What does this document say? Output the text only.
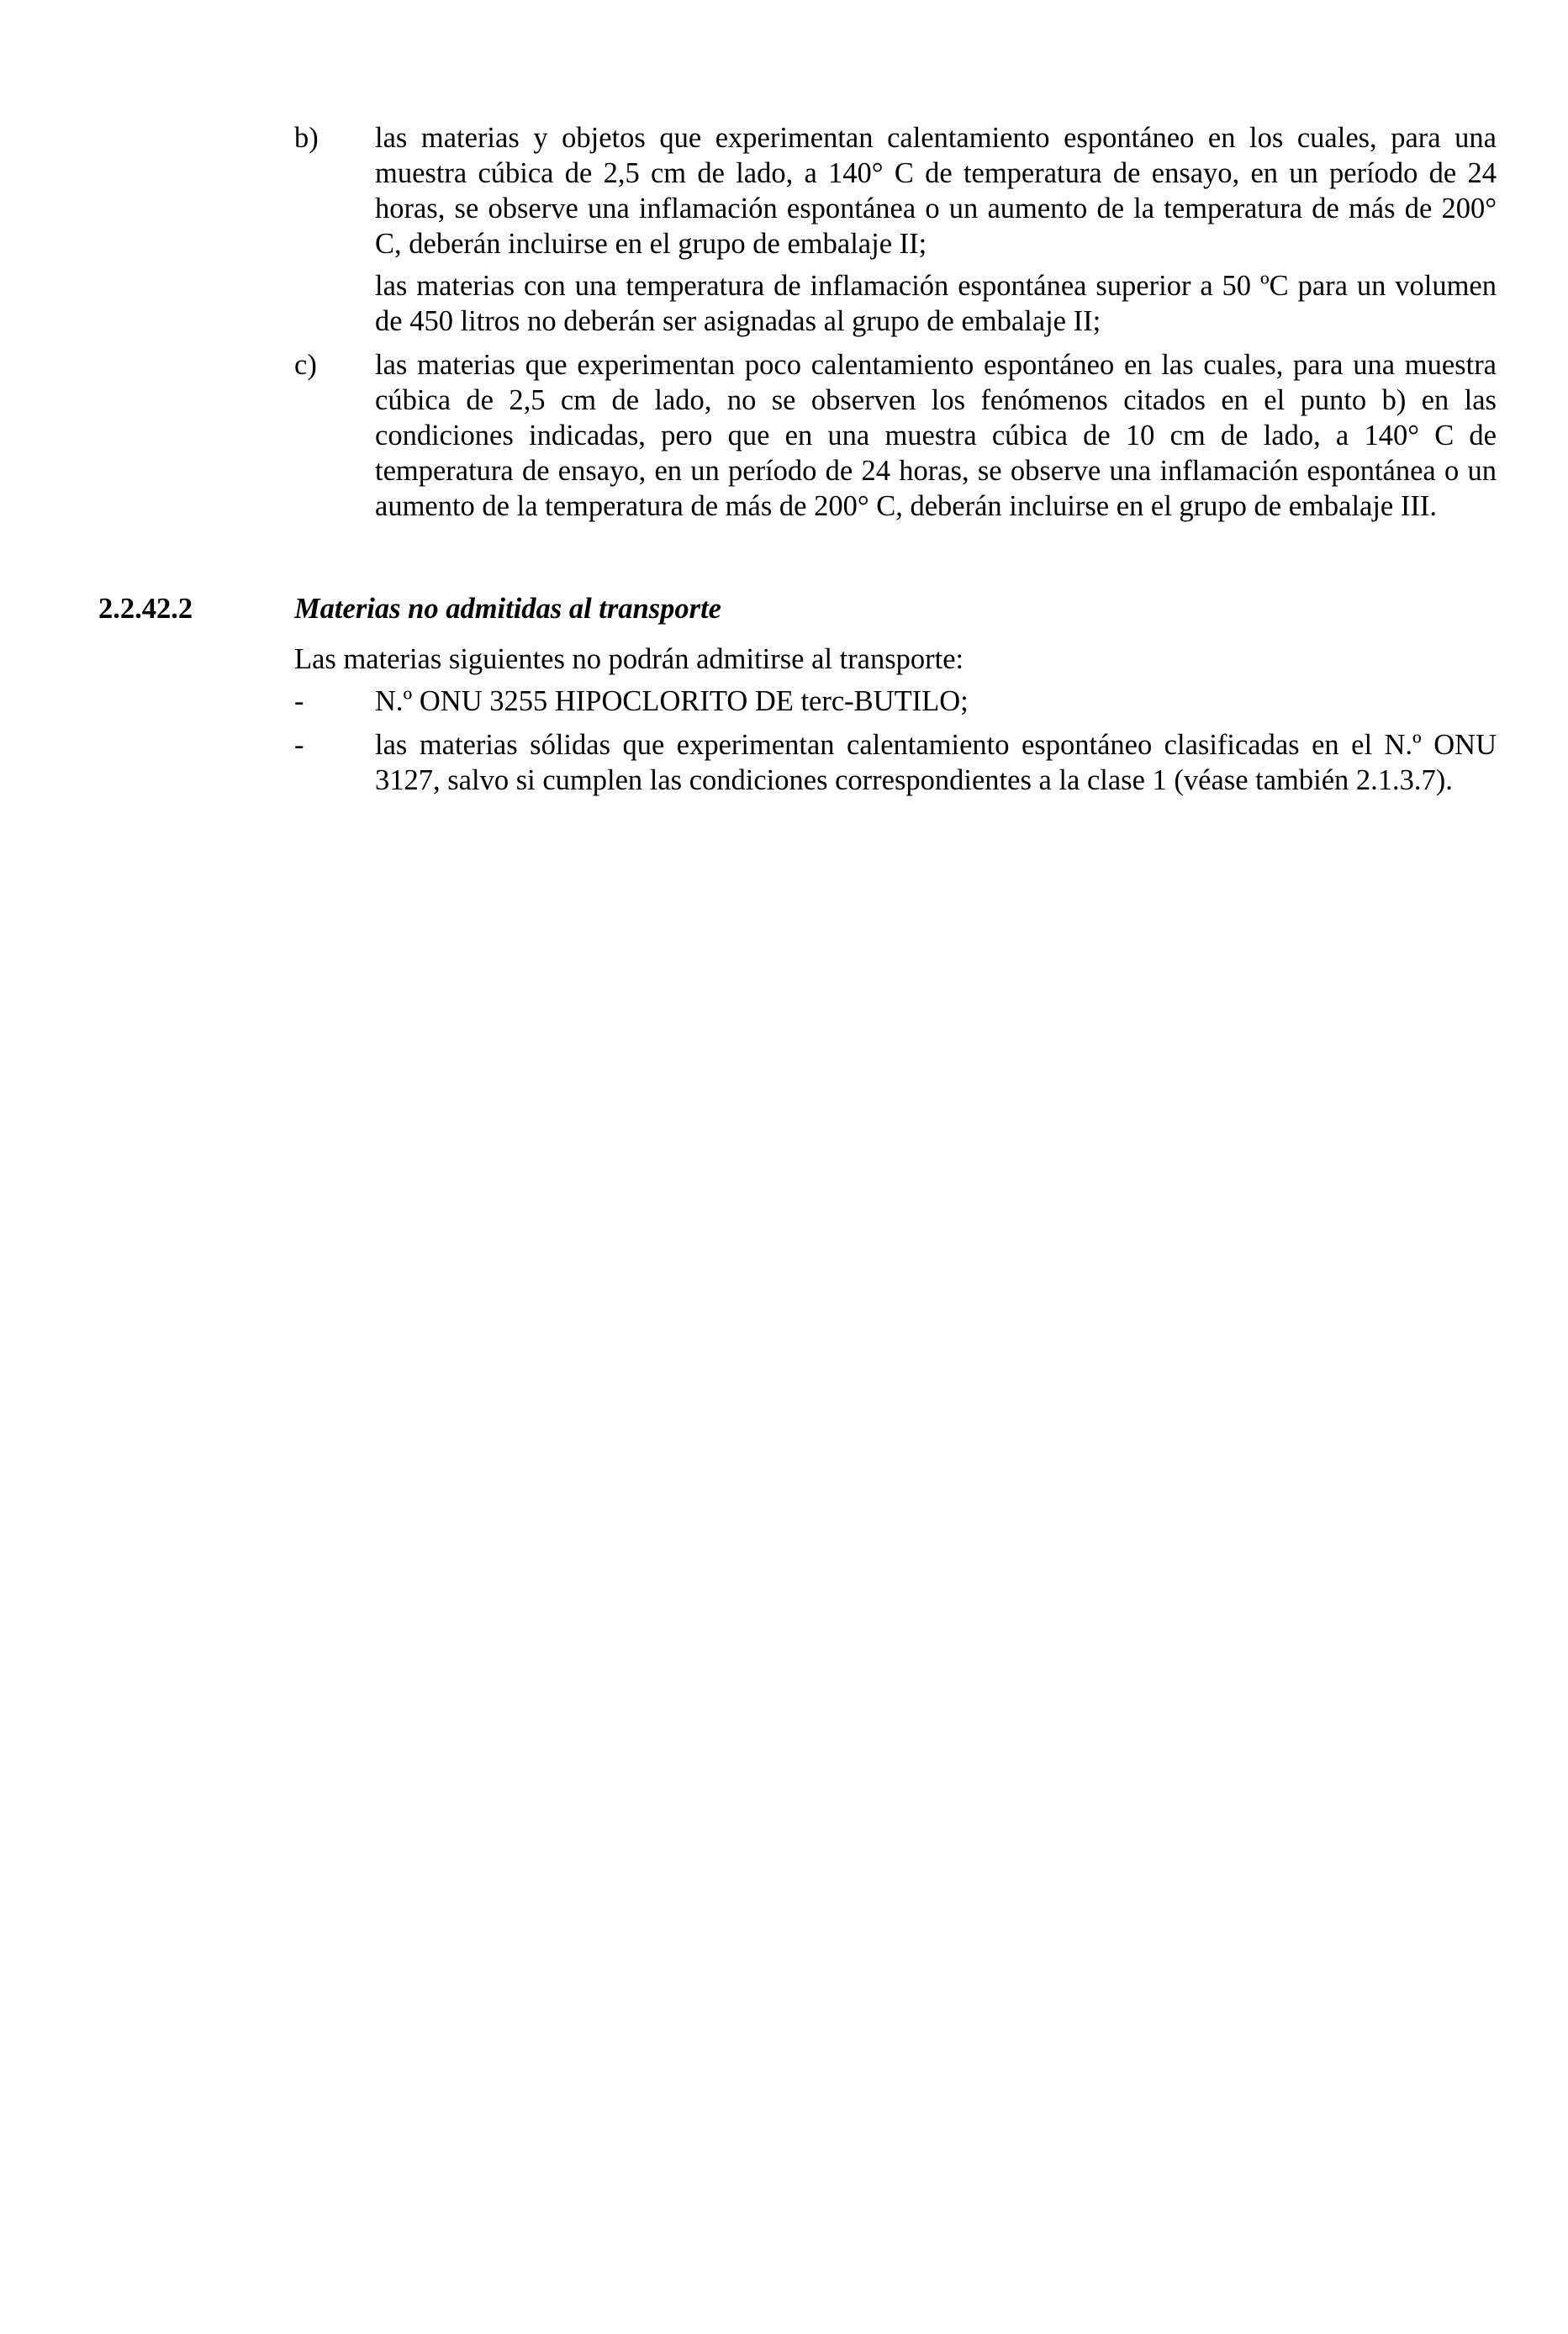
b) las materias y objetos que experimentan calentamiento espontáneo en los cuales, para una muestra cúbica de 2,5 cm de lado, a 140° C de temperatura de ensayo, en un período de 24 horas, se observe una inflamación espontánea o un aumento de la temperatura de más de 200° C, deberán incluirse en el grupo de embalaje II;

las materias con una temperatura de inflamación espontánea superior a 50 ºC para un volumen de 450 litros no deberán ser asignadas al grupo de embalaje II;

c) las materias que experimentan poco calentamiento espontáneo en las cuales, para una muestra cúbica de 2,5 cm de lado, no se observen los fenómenos citados en el punto b) en las condiciones indicadas, pero que en una muestra cúbica de 10 cm de lado, a 140° C de temperatura de ensayo, en un período de 24 horas, se observe una inflamación espontánea o un aumento de la temperatura de más de 200° C, deberán incluirse en el grupo de embalaje III.

2.2.42.2	Materias no admitidas al transporte
Las materias siguientes no podrán admitirse al transporte:
- N.º ONU 3255 HIPOCLORITO DE terc-BUTILO;

- las materias sólidas que experimentan calentamiento espontáneo clasificadas en el N.º ONU 3127, salvo si cumplen las condiciones correspondientes a la clase 1 (véase también 2.1.3.7).
